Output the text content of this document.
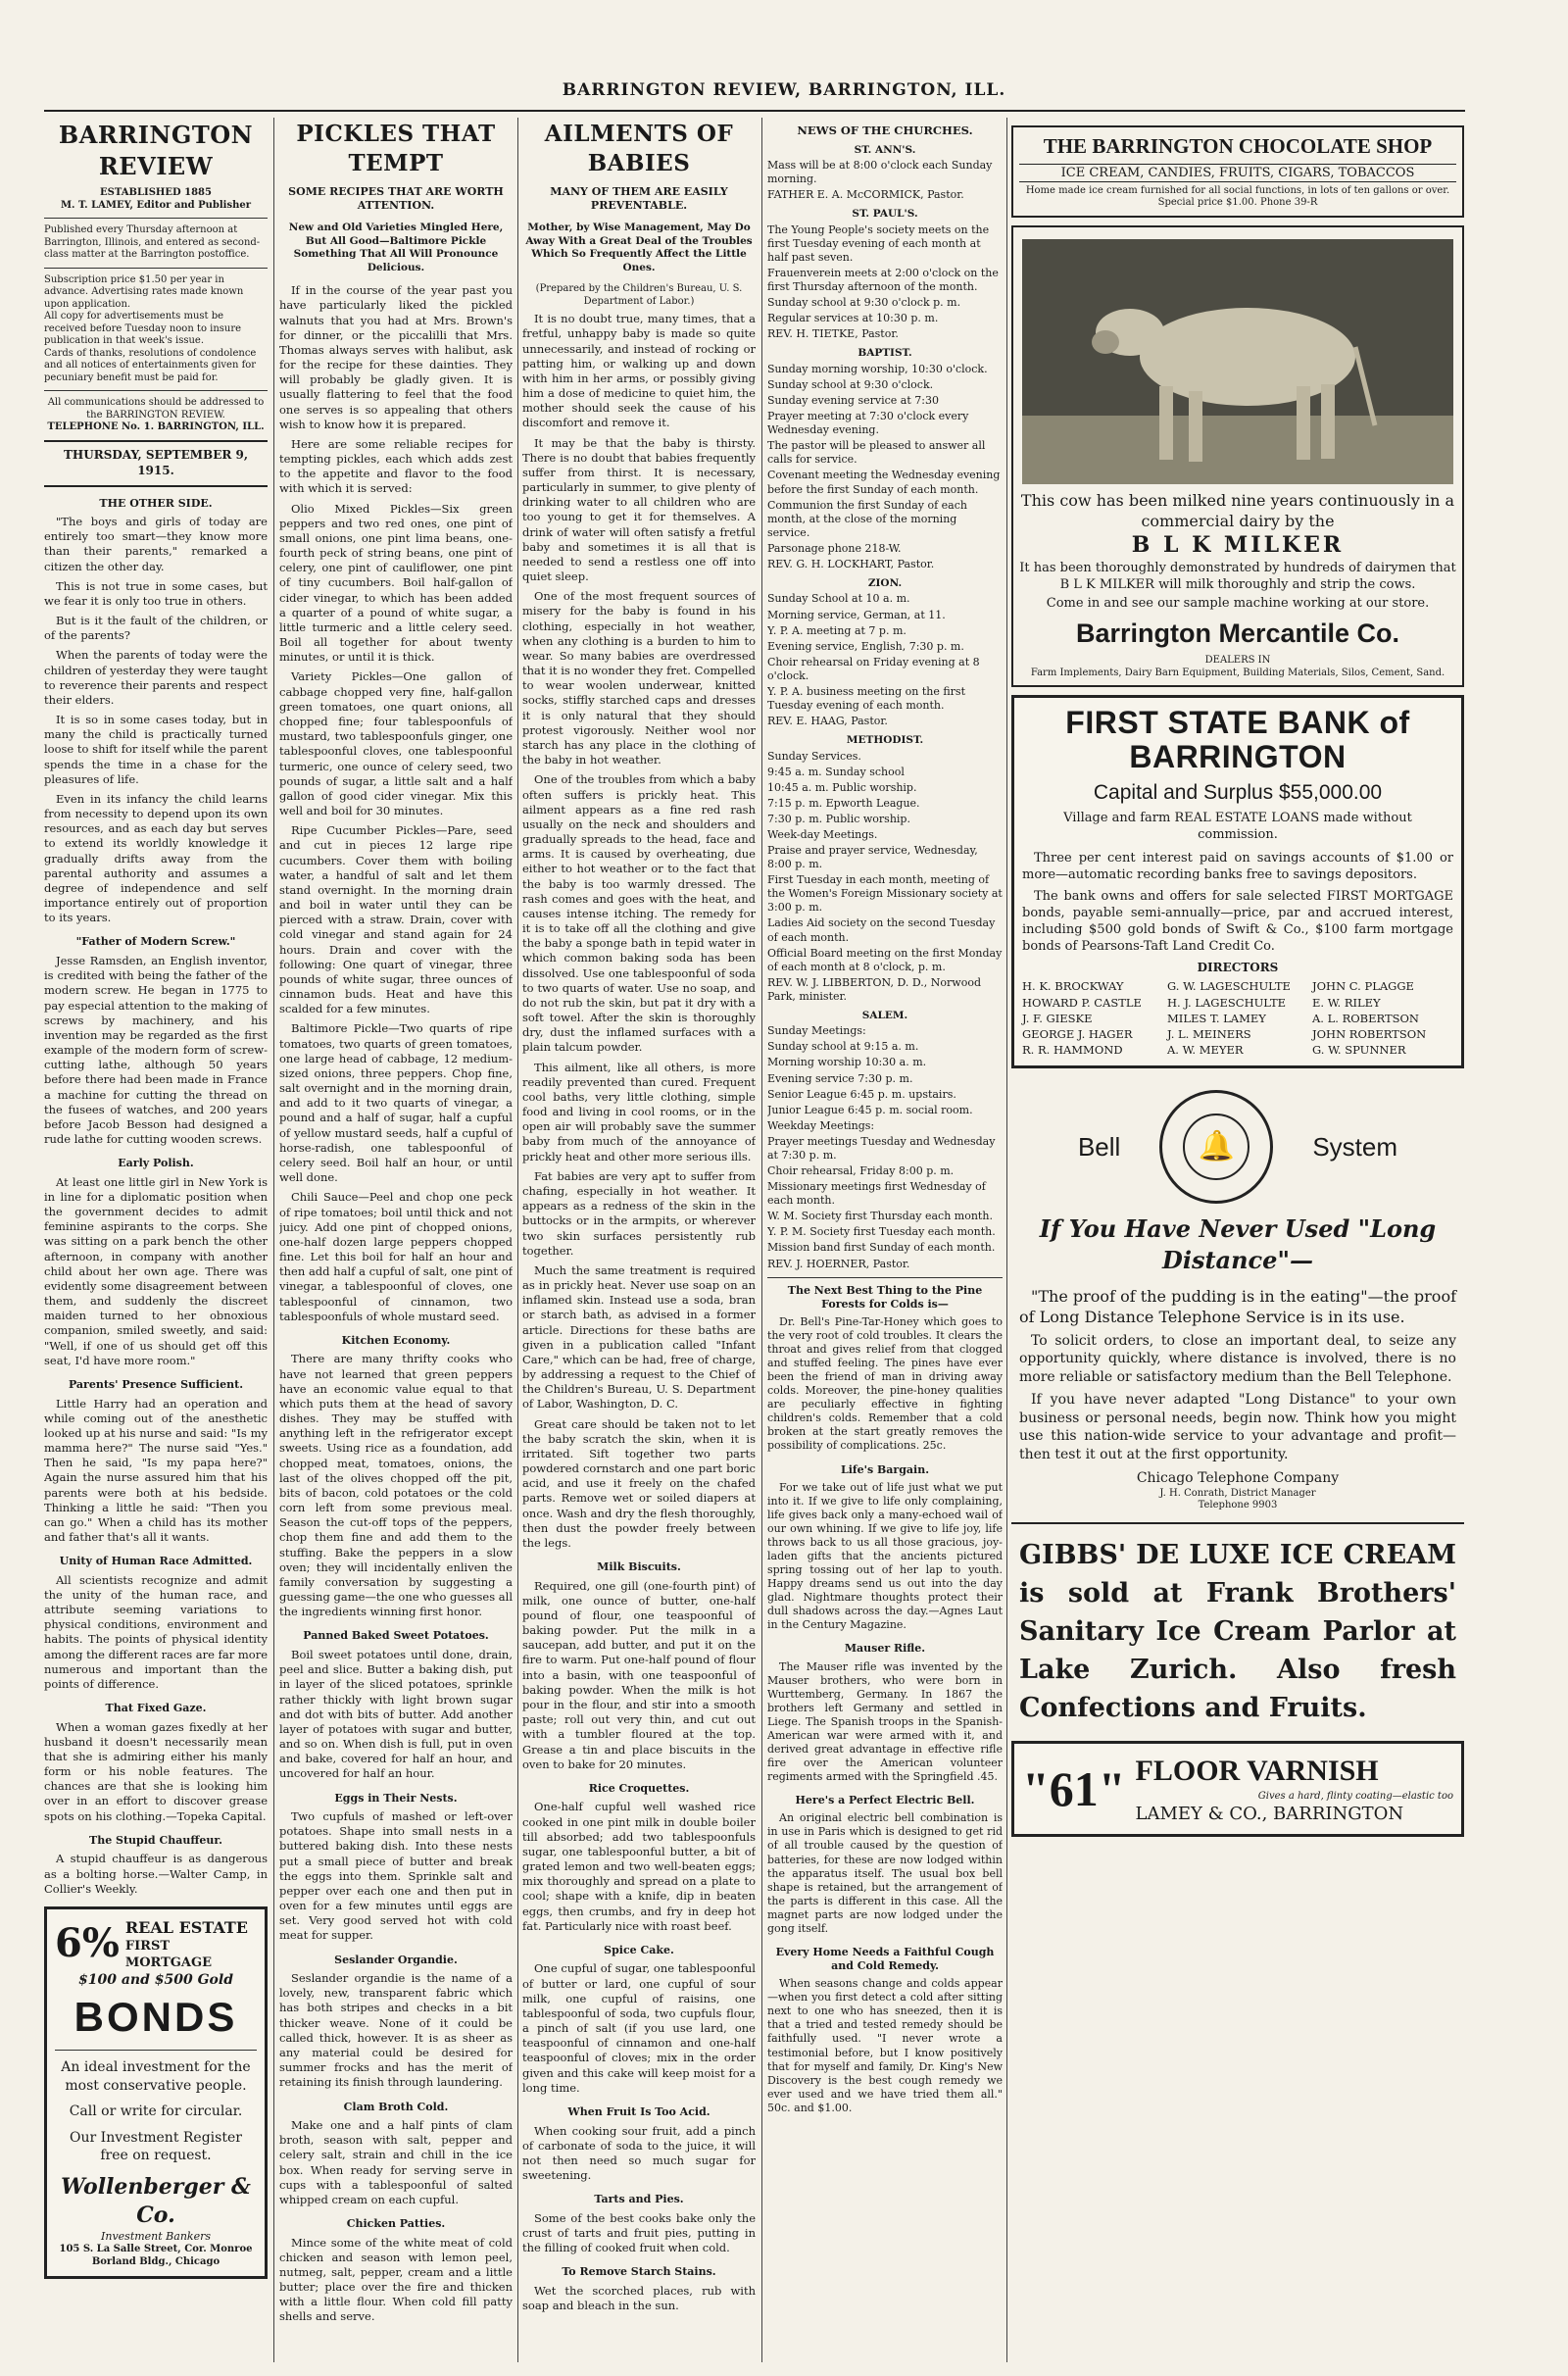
BARRINGTON REVIEW, BARRINGTON, ILL.
BARRINGTON REVIEW
ESTABLISHED 1885
M. T. LAMEY, Editor and Publisher
Published every Thursday afternoon at Barrington, Illinois, and entered as second-class matter at the Barrington postoffice.
Subscription price $1.50 per year in advance. Advertising rates made known upon application.
All copy for advertisements must be received before Tuesday noon to insure publication in that week's issue.
Cards of thanks, resolutions of condolence and all notices of entertainments given for pecuniary benefit must be paid for.
All communications should be addressed to the BARRINGTON REVIEW.
TELEPHONE No. 1. BARRINGTON, ILL.
THURSDAY, SEPTEMBER 9, 1915.
THE OTHER SIDE.

"The boys and girls of today are entirely too smart—they know more than their parents," remarked a citizen the other day.

This is not true in some cases, but we fear it is only too true in others.

But is it the fault of the children, or of the parents?

When the parents of today were the children of yesterday they were taught to reverence their parents and respect their elders.

It is so in some cases today, but in many the child is practically turned loose to shift for itself while the parent spends the time in a chase for the pleasures of life.

Even in its infancy the child learns from necessity to depend upon its own resources, and as each day but serves to extend its worldly knowledge it gradually drifts away from the parental authority and assumes a degree of independence and self importance entirely out of proportion to its years.

"Father of Modern Screw."

Jesse Ramsden, an English inventor, is credited with being the father of the modern screw. He began in 1775 to pay especial attention to the making of screws by machinery, and his invention may be regarded as the first example of the modern form of screw-cutting lathe, although 50 years before there had been made in France a machine for cutting the thread on the fusees of watches, and 200 years before Jacob Besson had designed a rude lathe for cutting wooden screws.

Early Polish.

At least one little girl in New York is in line for a diplomatic position when the government decides to admit feminine aspirants to the corps. She was sitting on a park bench the other afternoon, in company with another child about her own age. There was evidently some disagreement between them, and suddenly the discreet maiden turned to her obnoxious companion, smiled sweetly, and said: "Well, if one of us should get off this seat, I'd have more room."

Parents' Presence Sufficient.

Little Harry had an operation and while coming out of the anesthetic looked up at his nurse and said: "Is my mamma here?" The nurse said "Yes." Then he said, "Is my papa here?" Again the nurse assured him that his parents were both at his bedside. Thinking a little he said: "Then you can go." When a child has its mother and father that's all it wants.

Unity of Human Race Admitted.

All scientists recognize and admit the unity of the human race, and attribute seeming variations to physical conditions, environment and habits. The points of physical identity among the different races are far more numerous and important than the points of difference.

That Fixed Gaze.

When a woman gazes fixedly at her husband it doesn't necessarily mean that she is admiring either his manly form or his noble features. The chances are that she is looking him over in an effort to discover grease spots on his clothing.—Topeka Capital.

The Stupid Chauffeur.

A stupid chauffeur is as dangerous as a bolting horse.—Walter Camp, in Collier's Weekly.

6% REAL ESTATE
FIRST MORTGAGE
$100 and $500 Gold
BONDS
An ideal investment for the most conservative people.
Call or write for circular.
Our Investment Register free on request.
Wollenberger & Co.
Investment Bankers
105 S. La Salle Street, Cor. Monroe Borland Bldg., Chicago
PICKLES THAT TEMPT
SOME RECIPES THAT ARE WORTH ATTENTION.
New and Old Varieties Mingled Here, But All Good—Baltimore Pickle Something That All Will Pronounce Delicious.

If in the course of the year past you have particularly liked the pickled walnuts that you had at Mrs. Brown's for dinner, or the piccalilli that Mrs. Thomas always serves with halibut, ask for the recipe for these dainties. They will probably be gladly given. It is usually flattering to feel that the food one serves is so appealing that others wish to know how it is prepared.

Here are some reliable recipes for tempting pickles, each which adds zest to the appetite and flavor to the food with which it is served:

Olio Mixed Pickles—Six green peppers and two red ones, one pint of small onions, one pint lima beans, one-fourth peck of string beans, one pint of celery, one pint of cauliflower, one pint of tiny cucumbers. Boil half-gallon of cider vinegar, to which has been added a quarter of a pound of white sugar, a little turmeric and a little celery seed. Boil all together for about twenty minutes, or until it is thick.

Variety Pickles—One gallon of cabbage chopped very fine, half-gallon green tomatoes, one quart onions, all chopped fine; four tablespoonfuls of mustard, two tablespoonfuls ginger, one tablespoonful cloves, one tablespoonful turmeric, one ounce of celery seed, two pounds of sugar, a little salt and a half gallon of good cider vinegar. Mix this well and boil for 30 minutes.

Ripe Cucumber Pickles—Pare, seed and cut in pieces 12 large ripe cucumbers. Cover them with boiling water, a handful of salt and let them stand overnight. In the morning drain and boil in water until they can be pierced with a straw. Drain, cover with cold vinegar and stand again for 24 hours. Drain and cover with the following: One quart of vinegar, three pounds of white sugar, three ounces of cinnamon buds. Heat and have this scalded for a few minutes.

Baltimore Pickle—Two quarts of ripe tomatoes, two quarts of green tomatoes, one large head of cabbage, 12 medium-sized onions, three peppers. Chop fine, salt overnight and in the morning drain, and add to it two quarts of vinegar, a pound and a half of sugar, half a cupful of yellow mustard seeds, half a cupful of horse-radish, one tablespoonful of celery seed. Boil half an hour, or until well done.

Chili Sauce—Peel and chop one peck of ripe tomatoes; boil until thick and not juicy. Add one pint of chopped onions, one-half dozen large peppers chopped fine. Let this boil for half an hour and then add half a cupful of salt, one pint of vinegar, a tablespoonful of cloves, one tablespoonful of cinnamon, two tablespoonfuls of whole mustard seed.

Kitchen Economy.

There are many thrifty cooks who have not learned that green peppers have an economic value equal to that which puts them at the head of savory dishes. They may be stuffed with anything left in the refrigerator except sweets. Using rice as a foundation, add chopped meat, tomatoes, onions, the last of the olives chopped off the pit, bits of bacon, cold potatoes or the cold corn left from some previous meal. Season the cut-off tops of the peppers, chop them fine and add them to the stuffing. Bake the peppers in a slow oven; they will incidentally enliven the family conversation by suggesting a guessing game—the one who guesses all the ingredients winning first honor.

Panned Baked Sweet Potatoes.

Boil sweet potatoes until done, drain, peel and slice. Butter a baking dish, put in layer of the sliced potatoes, sprinkle rather thickly with light brown sugar and dot with bits of butter. Add another layer of potatoes with sugar and butter, and so on. When dish is full, put in oven and bake, covered for half an hour, and uncovered for half an hour.

Eggs in Their Nests.

Two cupfuls of mashed or left-over potatoes. Shape into small nests in a buttered baking dish. Into these nests put a small piece of butter and break the eggs into them. Sprinkle salt and pepper over each one and then put in oven for a few minutes until eggs are set. Very good served hot with cold meat for supper.

Seslander Organdie.

Seslander organdie is the name of a lovely, new, transparent fabric which has both stripes and checks in a bit thicker weave. None of it could be called thick, however. It is as sheer as any material could be desired for summer frocks and has the merit of retaining its finish through laundering.

Clam Broth Cold.

Make one and a half pints of clam broth, season with salt, pepper and celery salt, strain and chill in the ice box. When ready for serving serve in cups with a tablespoonful of salted whipped cream on each cupful.

Chicken Patties.

Mince some of the white meat of cold chicken and season with lemon peel, nutmeg, salt, pepper, cream and a little butter; place over the fire and thicken with a little flour. When cold fill patty shells and serve.

AILMENTS OF BABIES
MANY OF THEM ARE EASILY PREVENTABLE.
Mother, by Wise Management, May Do Away With a Great Deal of the Troubles Which So Frequently Affect the Little Ones.
(Prepared by the Children's Bureau, U. S. Department of Labor.)

It is no doubt true, many times, that a fretful, unhappy baby is made so quite unnecessarily, and instead of rocking or patting him, or walking up and down with him in her arms, or possibly giving him a dose of medicine to quiet him, the mother should seek the cause of his discomfort and remove it.

It may be that the baby is thirsty. There is no doubt that babies frequently suffer from thirst. It is necessary, particularly in summer, to give plenty of drinking water to all children who are too young to get it for themselves. A drink of water will often satisfy a fretful baby and sometimes it is all that is needed to send a restless one off into quiet sleep.

One of the most frequent sources of misery for the baby is found in his clothing, especially in hot weather, when any clothing is a burden to him to wear. So many babies are overdressed that it is no wonder they fret. Compelled to wear woolen underwear, knitted socks, stiffly starched caps and dresses it is only natural that they should protest vigorously. Neither wool nor starch has any place in the clothing of the baby in hot weather.

One of the troubles from which a baby often suffers is prickly heat. This ailment appears as a fine red rash usually on the neck and shoulders and gradually spreads to the head, face and arms. It is caused by overheating, due either to hot weather or to the fact that the baby is too warmly dressed. The rash comes and goes with the heat, and causes intense itching. The remedy for it is to take off all the clothing and give the baby a sponge bath in tepid water in which common baking soda has been dissolved. Use one tablespoonful of soda to two quarts of water. Use no soap, and do not rub the skin, but pat it dry with a soft towel. After the skin is thoroughly dry, dust the inflamed surfaces with a plain talcum powder.

This ailment, like all others, is more readily prevented than cured. Frequent cool baths, very little clothing, simple food and living in cool rooms, or in the open air will probably save the summer baby from much of the annoyance of prickly heat and other more serious ills.

Fat babies are very apt to suffer from chafing, especially in hot weather. It appears as a redness of the skin in the buttocks or in the armpits, or wherever two skin surfaces persistently rub together.

Much the same treatment is required as in prickly heat. Never use soap on an inflamed skin. Instead use a soda, bran or starch bath, as advised in a former article. Directions for these baths are given in a publication called "Infant Care," which can be had, free of charge, by addressing a request to the Chief of the Children's Bureau, U. S. Department of Labor, Washington, D. C.

Great care should be taken not to let the baby scratch the skin, when it is irritated. Sift together two parts powdered cornstarch and one part boric acid, and use it freely on the chafed parts. Remove wet or soiled diapers at once. Wash and dry the flesh thoroughly, then dust the powder freely between the legs.

Milk Biscuits.

Required, one gill (one-fourth pint) of milk, one ounce of butter, one-half pound of flour, one teaspoonful of baking powder. Put the milk in a saucepan, add butter, and put it on the fire to warm. Put one-half pound of flour into a basin, with one teaspoonful of baking powder. When the milk is hot pour in the flour, and stir into a smooth paste; roll out very thin, and cut out with a tumbler floured at the top. Grease a tin and place biscuits in the oven to bake for 20 minutes.

Rice Croquettes.

One-half cupful well washed rice cooked in one pint milk in double boiler till absorbed; add two tablespoonfuls sugar, one tablespoonful butter, a bit of grated lemon and two well-beaten eggs; mix thoroughly and spread on a plate to cool; shape with a knife, dip in beaten eggs, then crumbs, and fry in deep hot fat. Particularly nice with roast beef.

Spice Cake.

One cupful of sugar, one tablespoonful of butter or lard, one cupful of sour milk, one cupful of raisins, one tablespoonful of soda, two cupfuls flour, a pinch of salt (if you use lard, one teaspoonful of cinnamon and one-half teaspoonful of cloves; mix in the order given and this cake will keep moist for a long time.

When Fruit Is Too Acid.

When cooking sour fruit, add a pinch of carbonate of soda to the juice, it will not then need so much sugar for sweetening.

Tarts and Pies.

Some of the best cooks bake only the crust of tarts and fruit pies, putting in the filling of cooked fruit when cold.

To Remove Starch Stains.

Wet the scorched places, rub with soap and bleach in the sun.

NEWS OF THE CHURCHES.
ST. ANN'S.
Mass will be at 8:00 o'clock each Sunday morning.
FATHER E. A. McCORMICK, Pastor.
ST. PAUL'S.
The Young People's society meets on the first Tuesday evening of each month at half past seven.
Frauenverein meets at 2:00 o'clock on the first Thursday afternoon of the month.
Sunday school at 9:30 o'clock p. m.
Regular services at 10:30 p. m.
REV. H. TIETKE, Pastor.
BAPTIST.
Sunday morning worship, 10:30 o'clock.
Sunday school at 9:30 o'clock.
Sunday evening service at 7:30
Prayer meeting at 7:30 o'clock every Wednesday evening.
The pastor will be pleased to answer all calls for service.
Covenant meeting the Wednesday evening before the first Sunday of each month.
Communion the first Sunday of each month, at the close of the morning service.
Parsonage phone 218-W.
REV. G. H. LOCKHART, Pastor.
ZION.
Sunday School at 10 a. m.
Morning service, German, at 11.
Y. P. A. meeting at 7 p. m.
Evening service, English, 7:30 p. m.
Choir rehearsal on Friday evening at 8 o'clock.
Y. P. A. business meeting on the first Tuesday evening of each month.
REV. E. HAAG, Pastor.
METHODIST.
Sunday Services.
9:45 a. m. Sunday school
10:45 a. m. Public worship.
7:15 p. m. Epworth League.
7:30 p. m. Public worship.
Week-day Meetings.
Praise and prayer service, Wednesday, 8:00 p. m.
First Tuesday in each month, meeting of the Women's Foreign Missionary society at 3:00 p. m.
Ladies Aid society on the second Tuesday of each month.
Official Board meeting on the first Monday of each month at 8 o'clock, p. m.
REV. W. J. LIBBERTON, D. D., Norwood Park, minister.
SALEM.
Sunday Meetings:
Sunday school at 9:15 a. m.
Morning worship 10:30 a. m.
Evening service 7:30 p. m.
Senior League 6:45 p. m. upstairs.
Junior League 6:45 p. m. social room.
Weekday Meetings:
Prayer meetings Tuesday and Wednesday at 7:30 p. m.
Choir rehearsal, Friday 8:00 p. m.
Missionary meetings first Wednesday of each month.
W. M. Society first Thursday each month.
Y. P. M. Society first Tuesday each month.
Mission band first Sunday of each month.
REV. J. HOERNER, Pastor.
The Next Best Thing to the Pine Forests for Colds is—

Dr. Bell's Pine-Tar-Honey which goes to the very root of cold troubles. It clears the throat and gives relief from that clogged and stuffed feeling. The pines have ever been the friend of man in driving away colds. Moreover, the pine-honey qualities are peculiarly effective in fighting children's colds. Remember that a cold broken at the start greatly removes the possibility of complications. 25c.

Life's Bargain.

For we take out of life just what we put into it. If we give to life only complaining, life gives back only a many-echoed wail of our own whining. If we give to life joy, life throws back to us all those gracious, joy-laden gifts that the ancients pictured spring tossing out of her lap to youth. Happy dreams send us out into the day glad. Nightmare thoughts protect their dull shadows across the day.—Agnes Laut in the Century Magazine.

Mauser Rifle.

The Mauser rifle was invented by the Mauser brothers, who were born in Wurttemberg, Germany. In 1867 the brothers left Germany and settled in Liege. The Spanish troops in the Spanish-American war were armed with it, and derived great advantage in effective rifle fire over the American volunteer regiments armed with the Springfield .45.

Here's a Perfect Electric Bell.

An original electric bell combination is in use in Paris which is designed to get rid of all trouble caused by the question of batteries, for these are now lodged within the apparatus itself. The usual box bell shape is retained, but the arrangement of the parts is different in this case. All the magnet parts are now lodged under the gong itself.

Every Home Needs a Faithful Cough and Cold Remedy.

When seasons change and colds appear—when you first detect a cold after sitting next to one who has sneezed, then it is that a tried and tested remedy should be faithfully used. "I never wrote a testimonial before, but I know positively that for myself and family, Dr. King's New Discovery is the best cough remedy we ever used and we have tried them all." 50c. and $1.00.

THE BARRINGTON CHOCOLATE SHOP
ICE CREAM, CANDIES, FRUITS, CIGARS, TOBACCOS
Home made ice cream furnished for all social functions, in lots of ten gallons or over. Special price $1.00. Phone 39-R
This cow has been milked nine years continuously in a commercial dairy by the
B L K MILKER
It has been thoroughly demonstrated by hundreds of dairymen that B L K MILKER will milk thoroughly and strip the cows.
Come in and see our sample machine working at our store.
Barrington Mercantile Co.
DEALERS IN
Farm Implements, Dairy Barn Equipment, Building Materials, Silos, Cement, Sand.
FIRST STATE BANK of BARRINGTON
Capital and Surplus $55,000.00
Village and farm REAL ESTATE LOANS made without commission.

Three per cent interest paid on savings accounts of $1.00 or more—automatic recording banks free to savings depositors.

The bank owns and offers for sale selected FIRST MORTGAGE bonds, payable semi-annually—price, par and accrued interest, including $500 gold bonds of Swift & Co., $100 farm mortgage bonds of Pearsons-Taft Land Credit Co.

DIRECTORS
H. K. BROCKWAY	G. W. LAGESCHULTE	JOHN C. PLAGGE
HOWARD P. CASTLE	H. J. LAGESCHULTE	E. W. RILEY
J. F. GIESKE	MILES T. LAMEY	A. L. ROBERTSON
GEORGE J. HAGER	J. L. MEINERS	JOHN ROBERTSON
R. R. HAMMOND	A. W. MEYER	G. W. SPUNNER
Bell	🔔	System
If You Have Never Used "Long Distance"—

"The proof of the pudding is in the eating"—the proof of Long Distance Telephone Service is in its use.

To solicit orders, to close an important deal, to seize any opportunity quickly, where distance is involved, there is no more reliable or satisfactory medium than the Bell Telephone.

If you have never adapted "Long Distance" to your own business or personal needs, begin now. Think how you might use this nation-wide service to your advantage and profit—then test it out at the first opportunity.

Chicago Telephone Company
J. H. Conrath, District Manager
Telephone 9903
GIBBS' DE LUXE ICE CREAM is sold at Frank Brothers' Sanitary Ice Cream Parlor at Lake Zurich. Also fresh Confections and Fruits.
"61" FLOOR VARNISH
Gives a hard, flinty coating—elastic too
LAMEY & CO., BARRINGTON
